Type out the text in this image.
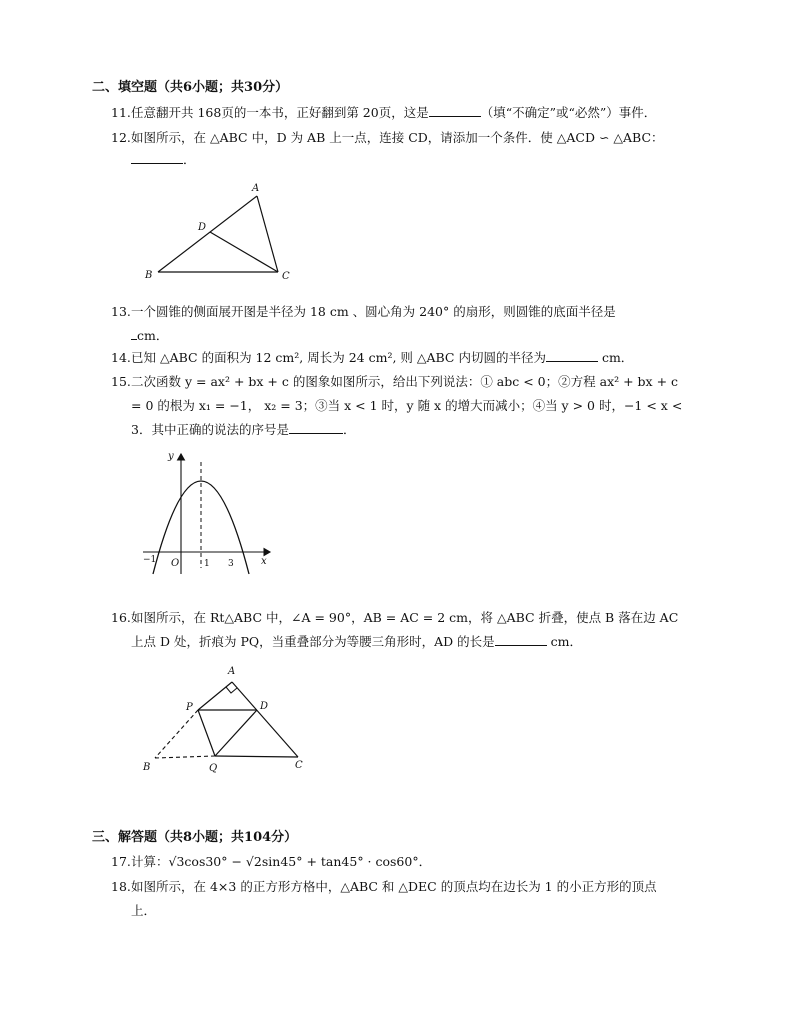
二、填空题（共6小题；共30分）
11.任意翻开共 168页的一本书，正好翻到第 20页，这是	（填“不确定”或“必然”）事件．
12.如图所示，在 △ABC 中，D 为 AB 上一点，连接 CD，请添加一个条件．使 △ACD ∽ △ABC：
．
A
D
B	C
13.一个圆锥的侧面展开图是半径为 18 cm 、圆心角为 240° 的扇形，则圆锥的底面半径是
cm．
14.已知 △ABC 的面积为 12 cm², 周长为 24 cm², 则 △ABC 内切圆的半径为	cm．
15.二次函数 y = ax² + bx + c 的图象如图所示，给出下列说法：① abc < 0；②方程 ax² + bx + c
= 0 的根为 x₁ = −1， x₂ = 3；③当 x < 1 时，y 随 x 的增大而减小；④当 y > 0 时，−1 < x <
3．其中正确的说法的序号是	．
y
x
O
−1	1 3
16.如图所示，在 Rt△ABC 中，∠A = 90°，AB = AC = 2 cm，将 △ABC 折叠，使点 B 落在边 AC
上点 D 处，折痕为 PQ，当重叠部分为等腰三角形时，AD 的长是	cm．
A
P	D
B	Q	C
三、解答题（共8小题；共104分）
17.计算：√3cos30° − √2sin45° + tan45° · cos60°．
18.如图所示，在 4×3 的正方形方格中，△ABC 和 △DEC 的顶点均在边长为 1 的小正方形的顶点
上．
